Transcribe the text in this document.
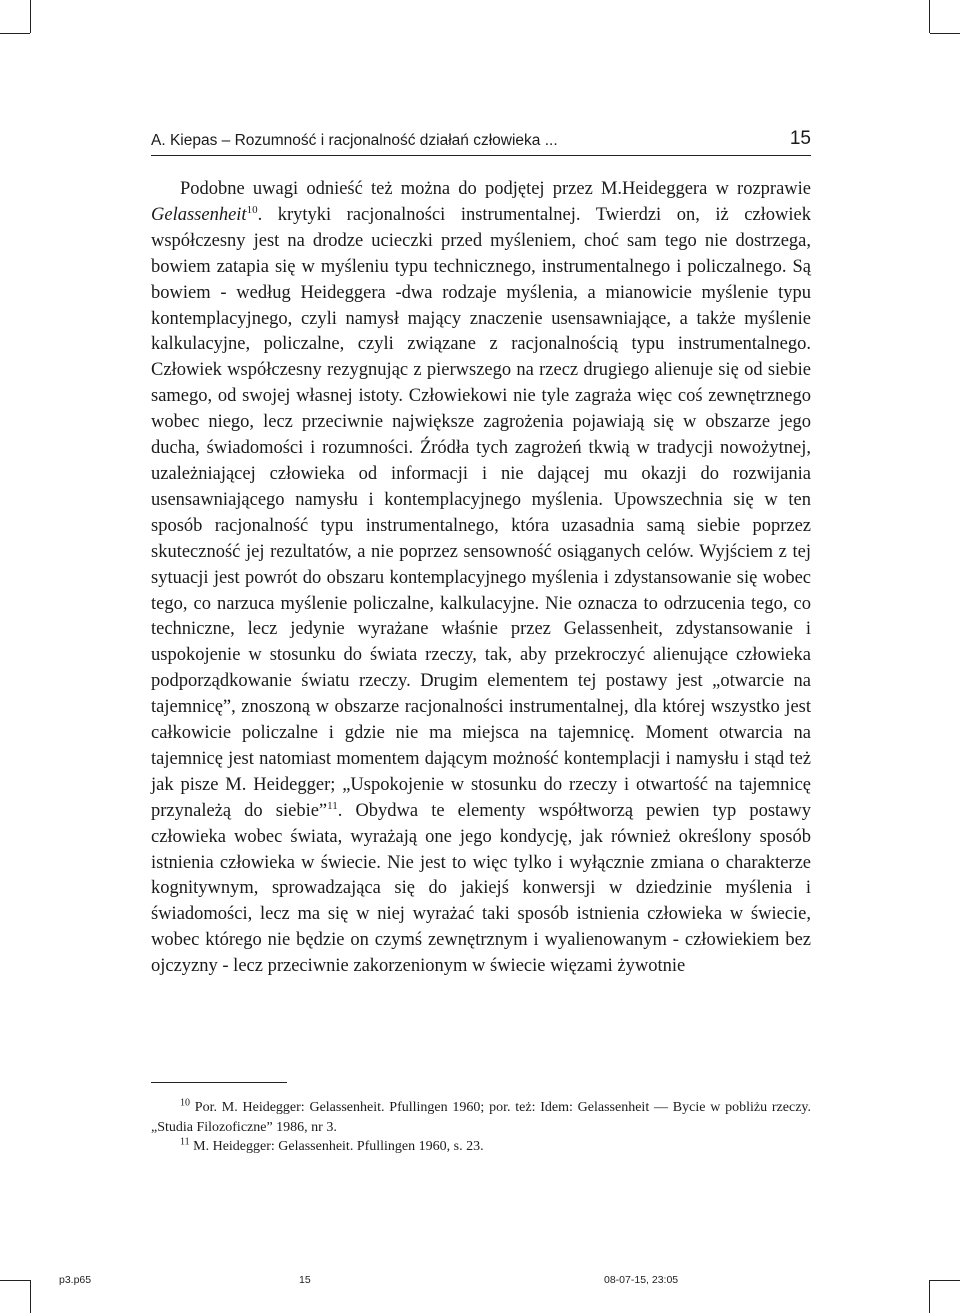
A. Kiepas – Rozumność i racjonalność działań człowieka ...	15

Podobne uwagi odnieść też można do podjętej przez M.Heideggera w rozprawie Gelassenheit$^{10}$. krytyki racjonalności instrumentalnej. Twierdzi on, iż człowiek współczesny jest na drodze ucieczki przed myśleniem, choć sam tego nie dostrzega, bowiem zatapia się w myśleniu typu technicznego, instrumentalnego i policzalnego. Są bowiem - według Heideggera -dwa rodzaje myślenia, a mianowicie myślenie typu kontemplacyjnego, czyli namysł mający znaczenie usensawniające, a także myślenie kalkulacyjne, policzalne, czyli związane z racjonalnością typu instrumentalnego. Człowiek współczesny rezygnując z pierwszego na rzecz drugiego alienuje się od siebie samego, od swojej własnej istoty. Człowiekowi nie tyle zagraża więc coś zewnętrznego wobec niego, lecz przeciwnie największe zagrożenia pojawiają się w obszarze jego ducha, świadomości i rozumności. Źródła tych zagrożeń tkwią w tradycji nowożytnej, uzależniającej człowieka od informacji i nie dającej mu okazji do rozwijania usensawniającego namysłu i kontemplacyjnego myślenia. Upowszechnia się w ten sposób racjonalność typu instrumentalnego, która uzasadnia samą siebie poprzez skuteczność jej rezultatów, a nie poprzez sensowność osiąganych celów. Wyjściem z tej sytuacji jest powrót do obszaru kontemplacyjnego myślenia i zdystansowanie się wobec tego, co narzuca myślenie policzalne, kalkulacyjne. Nie oznacza to odrzucenia tego, co techniczne, lecz jedynie wyrażane właśnie przez Gelassenheit, zdystansowanie i uspokojenie w stosunku do świata rzeczy, tak, aby przekroczyć alienujące człowieka podporządkowanie światu rzeczy. Drugim elementem tej postawy jest „otwarcie na tajemnicę”, znoszoną w obszarze racjonalności instrumentalnej, dla której wszystko jest całkowicie policzalne i gdzie nie ma miejsca na tajemnicę. Moment otwarcia na tajemnicę jest natomiast momentem dającym możność kontemplacji i namysłu i stąd też jak pisze M. Heidegger; „Uspokojenie w stosunku do rzeczy i otwartość na tajemnicę przynależą do siebie”$^{11}$. Obydwa te elementy współtworzą pewien typ postawy człowieka wobec świata, wyrażają one jego kondycję, jak również określony sposób istnienia człowieka w świecie. Nie jest to więc tylko i wyłącznie zmiana o charakterze kognitywnym, sprowadzająca się do jakiejś konwersji w dziedzinie myślenia i świadomości, lecz ma się w niej wyrażać taki sposób istnienia człowieka w świecie, wobec którego nie będzie on czymś zewnętrznym i wyalienowanym - człowiekiem bez ojczyzny - lecz przeciwnie zakorzenionym w świecie więzami żywotnie

$^{10}$ Por. M. Heidegger: Gelassenheit. Pfullingen 1960; por. też: Idem: Gelassenheit — Bycie w pobliżu rzeczy. „Studia Filozoficzne” 1986, nr 3.

$^{11}$ M. Heidegger: Gelassenheit. Pfullingen 1960, s. 23.

p3.p65	15	08-07-15, 23:05
